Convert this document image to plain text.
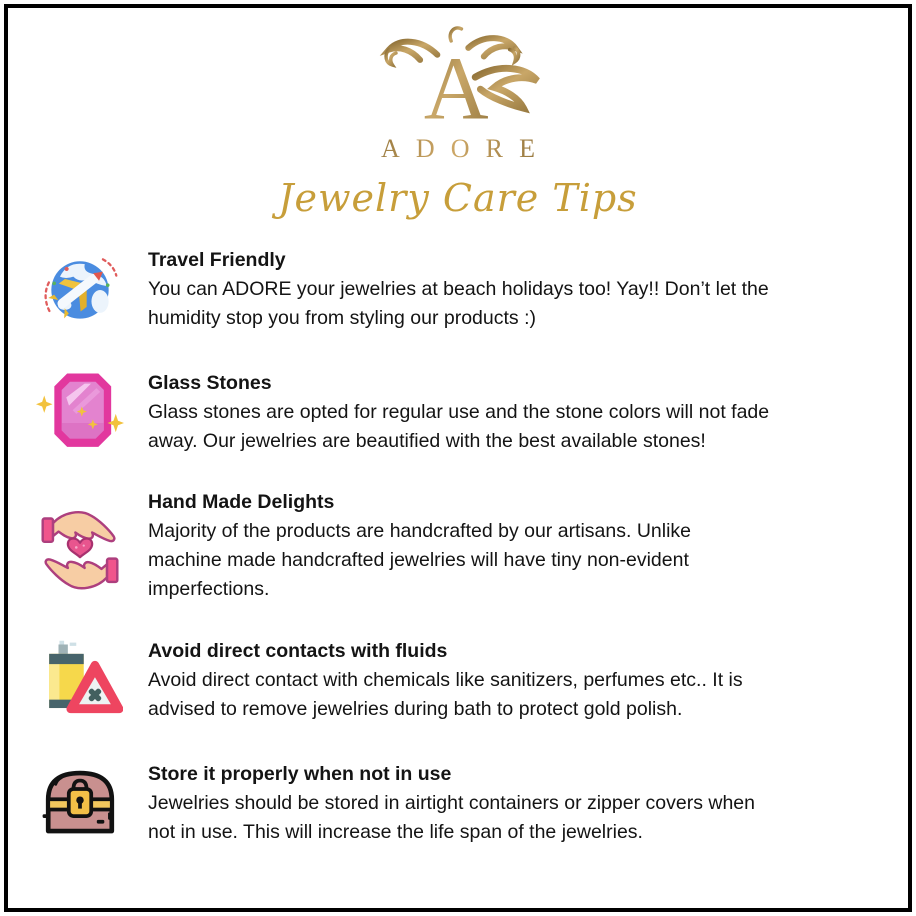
A
ADORE
Jewelry Care Tips
Travel Friendly
You can ADORE your jewelries at beach holidays too! Yay!! Don’t let the
humidity stop you from styling our products :)
Glass Stones
Glass stones are opted for regular use and the stone colors will not fade
away. Our jewelries are beautified with the best available stones!
Hand Made Delights
Majority of the products are handcrafted by our artisans. Unlike
machine made handcrafted jewelries will have tiny non-evident
imperfections.
Avoid direct contacts with fluids
Avoid direct contact with chemicals like sanitizers, perfumes etc.. It is
advised to remove jewelries during bath to protect gold polish.
Store it properly when not in use
Jewelries should be stored in airtight containers or zipper covers when
not in use. This will increase the life span of the jewelries.
